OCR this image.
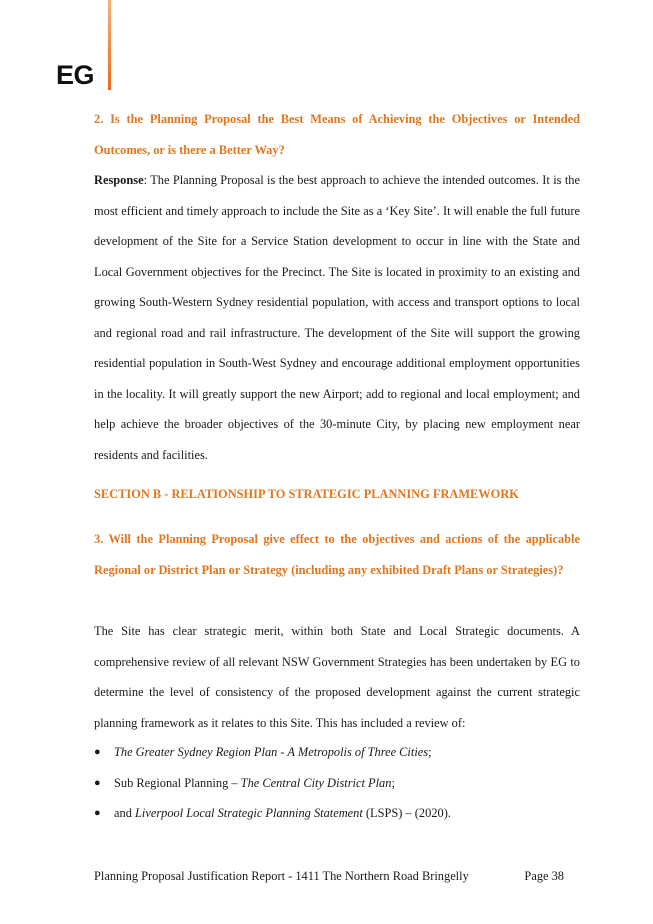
EG
2. Is the Planning Proposal the Best Means of Achieving the Objectives or Intended
Outcomes, or is there a Better Way?
Response: The Planning Proposal is the best approach to achieve the intended outcomes. It is the most efficient and timely approach to include the Site as a ‘Key Site’. It will enable the full future development of the Site for a Service Station development to occur in line with the State and Local Government objectives for the Precinct. The Site is located in proximity to an existing and growing South-Western Sydney residential population, with access and transport options to local and regional road and rail infrastructure. The development of the Site will support the growing residential population in South-West Sydney and encourage additional employment opportunities in the locality. It will greatly support the new Airport; add to regional and local employment; and help achieve the broader objectives of the 30-minute City, by placing new employment near residents and facilities.
SECTION B - RELATIONSHIP TO STRATEGIC PLANNING FRAMEWORK
3. Will the Planning Proposal give effect to the objectives and actions of the applicable Regional or District Plan or Strategy (including any exhibited Draft Plans or Strategies)?
The Site has clear strategic merit, within both State and Local Strategic documents. A comprehensive review of all relevant NSW Government Strategies has been undertaken by EG to determine the level of consistency of the proposed development against the current strategic planning framework as it relates to this Site. This has included a review of:
● The Greater Sydney Region Plan - A Metropolis of Three Cities;
● Sub Regional Planning – The Central City District Plan;
● and Liverpool Local Strategic Planning Statement (LSPS) – (2020).
Planning Proposal Justification Report - 1411 The Northern Road Bringelly	Page 38
